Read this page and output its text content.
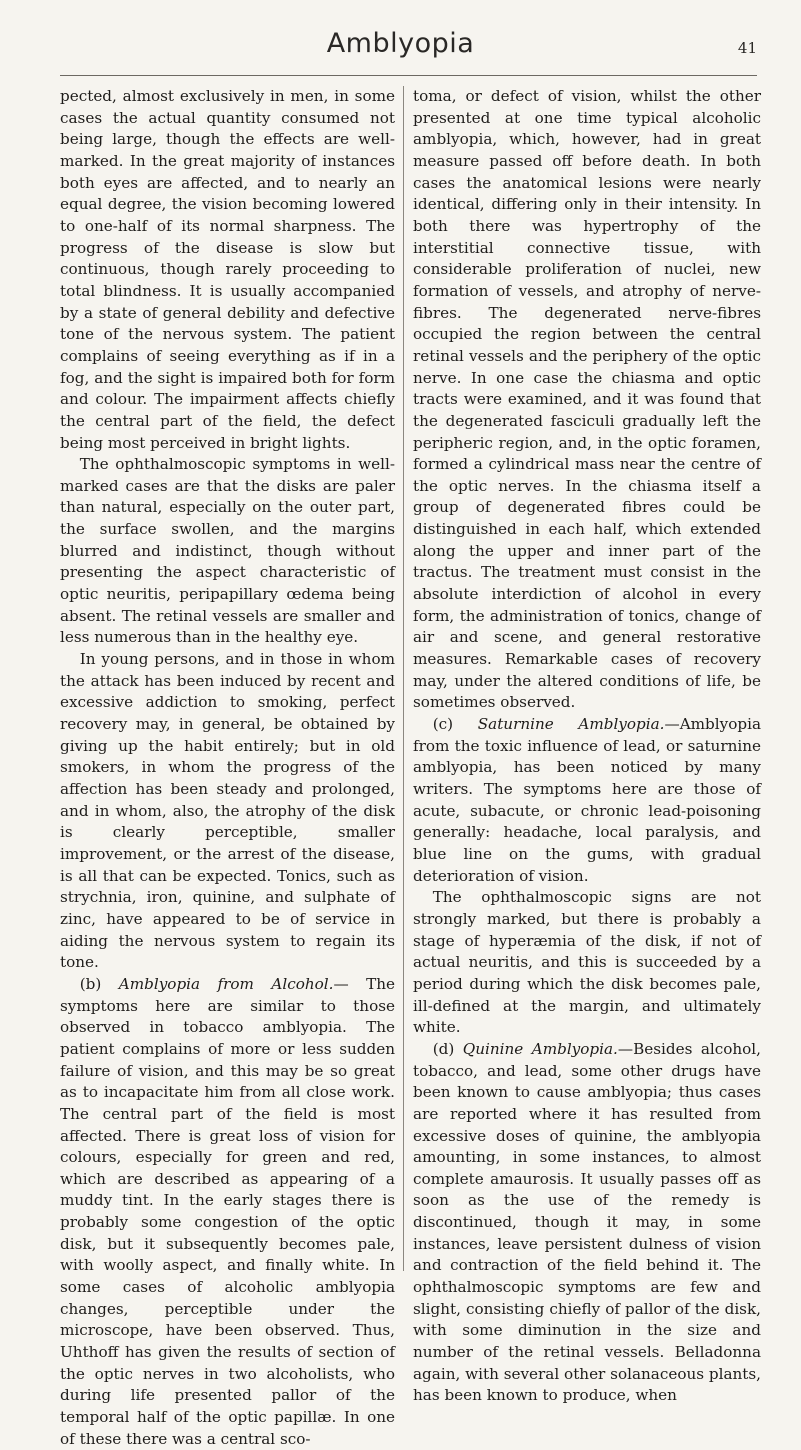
Amblyopia	41

pected, almost exclusively in men, in some cases the actual quantity consumed not being large, though the effects are well-marked. In the great majority of instances both eyes are affected, and to nearly an equal degree, the vision becoming lowered to one-half of its normal sharpness. The progress of the disease is slow but continuous, though rarely proceeding to total blindness. It is usually accompanied by a state of general debility and defective tone of the nervous system. The patient complains of seeing everything as if in a fog, and the sight is impaired both for form and colour. The impairment affects chiefly the central part of the field, the defect being most perceived in bright lights.

The ophthalmoscopic symptoms in well-marked cases are that the disks are paler than natural, especially on the outer part, the surface swollen, and the margins blurred and indistinct, though without presenting the aspect characteristic of optic neuritis, peripapillary œdema being absent. The retinal vessels are smaller and less numerous than in the healthy eye.

In young persons, and in those in whom the attack has been induced by recent and excessive addiction to smoking, perfect recovery may, in general, be obtained by giving up the habit entirely; but in old smokers, in whom the progress of the affection has been steady and prolonged, and in whom, also, the atrophy of the disk is clearly perceptible, smaller improvement, or the arrest of the disease, is all that can be expected. Tonics, such as strychnia, iron, quinine, and sulphate of zinc, have appeared to be of service in aiding the nervous system to regain its tone.

(b) Amblyopia from Alcohol.— The symptoms here are similar to those observed in tobacco amblyopia. The patient complains of more or less sudden failure of vision, and this may be so great as to incapacitate him from all close work. The central part of the field is most affected. There is great loss of vision for colours, especially for green and red, which are described as appearing of a muddy tint. In the early stages there is probably some congestion of the optic disk, but it subsequently becomes pale, with woolly aspect, and finally white. In some cases of alcoholic amblyopia changes, perceptible under the microscope, have been observed. Thus, Uhthoff has given the results of section of the optic nerves in two alcoholists, who during life presented pallor of the temporal half of the optic papillæ. In one of these there was a central sco-

toma, or defect of vision, whilst the other presented at one time typical alcoholic amblyopia, which, however, had in great measure passed off before death. In both cases the anatomical lesions were nearly identical, differing only in their intensity. In both there was hypertrophy of the interstitial connective tissue, with considerable proliferation of nuclei, new formation of vessels, and atrophy of nerve-fibres. The degenerated nerve-fibres occupied the region between the central retinal vessels and the periphery of the optic nerve. In one case the chiasma and optic tracts were examined, and it was found that the degenerated fasciculi gradually left the peripheric region, and, in the optic foramen, formed a cylindrical mass near the centre of the optic nerves. In the chiasma itself a group of degenerated fibres could be distinguished in each half, which extended along the upper and inner part of the tractus. The treatment must consist in the absolute interdiction of alcohol in every form, the administration of tonics, change of air and scene, and general restorative measures. Remarkable cases of recovery may, under the altered conditions of life, be sometimes observed.

(c) Saturnine Amblyopia.—Amblyopia from the toxic influence of lead, or saturnine amblyopia, has been noticed by many writers. The symptoms here are those of acute, subacute, or chronic lead-poisoning generally: headache, local paralysis, and blue line on the gums, with gradual deterioration of vision.

The ophthalmoscopic signs are not strongly marked, but there is probably a stage of hyperæmia of the disk, if not of actual neuritis, and this is succeeded by a period during which the disk becomes pale, ill-defined at the margin, and ultimately white.

(d) Quinine Amblyopia.—Besides alcohol, tobacco, and lead, some other drugs have been known to cause amblyopia; thus cases are reported where it has resulted from excessive doses of quinine, the amblyopia amounting, in some instances, to almost complete amaurosis. It usually passes off as soon as the use of the remedy is discontinued, though it may, in some instances, leave persistent dulness of vision and contraction of the field behind it. The ophthalmoscopic symptoms are few and slight, consisting chiefly of pallor of the disk, with some diminution in the size and number of the retinal vessels. Belladonna again, with several other solanaceous plants, has been known to produce, when
